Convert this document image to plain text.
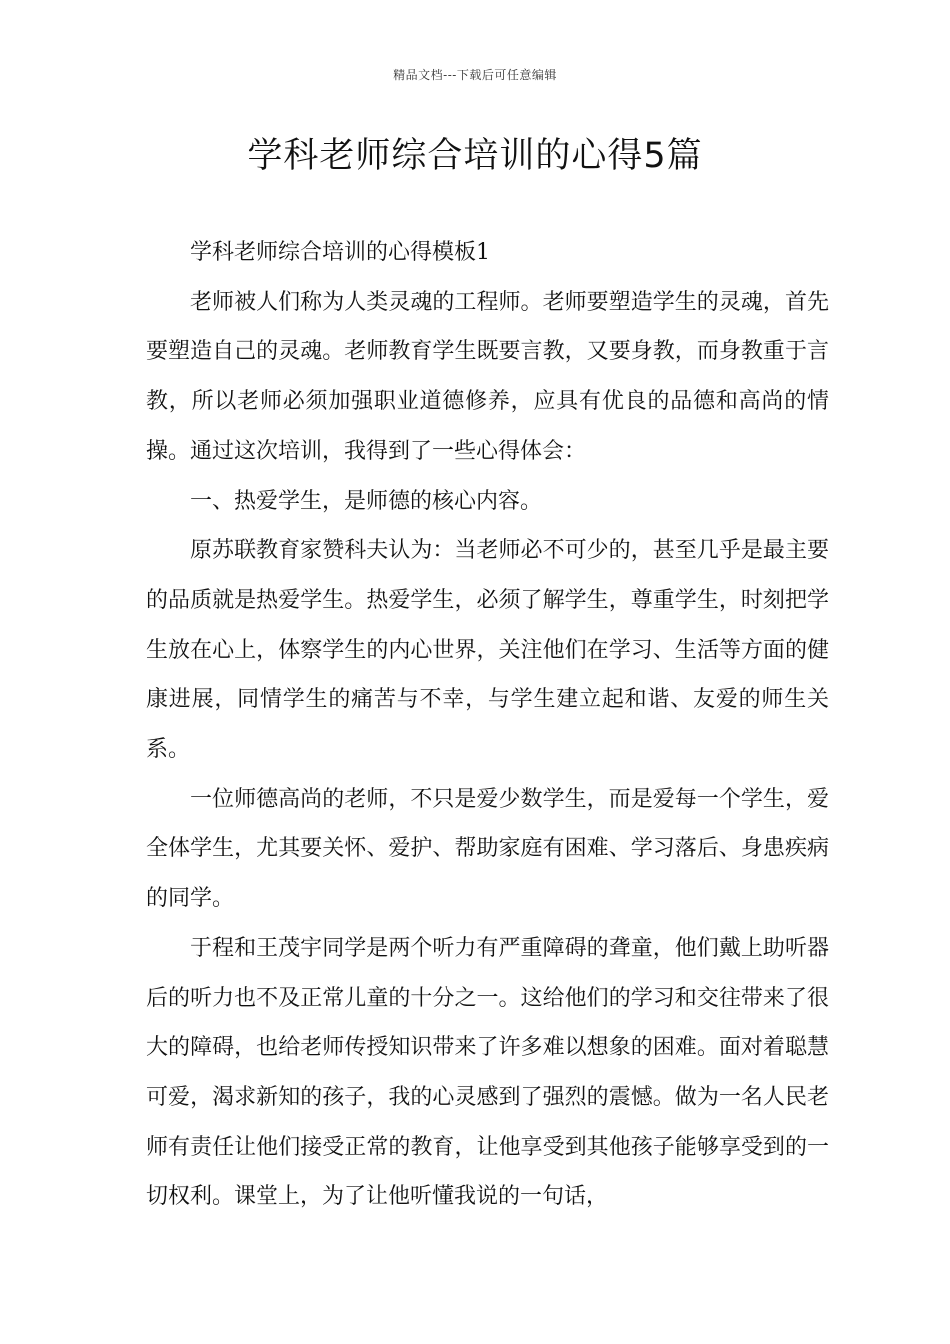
精品文档---下载后可任意编辑
学科老师综合培训的心得5篇

学科老师综合培训的心得模板1

老师被人们称为人类灵魂的工程师。老师要塑造学生的灵魂，首先要塑造自己的灵魂。老师教育学生既要言教，又要身教，而身教重于言教，所以老师必须加强职业道德修养，应具有优良的品德和高尚的情操。通过这次培训，我得到了一些心得体会：

一、热爱学生，是师德的核心内容。

原苏联教育家赞科夫认为：当老师必不可少的，甚至几乎是最主要的品质就是热爱学生。热爱学生，必须了解学生，尊重学生，时刻把学生放在心上，体察学生的内心世界，关注他们在学习、生活等方面的健康进展，同情学生的痛苦与不幸，与学生建立起和谐、友爱的师生关系。

一位师德高尚的老师，不只是爱少数学生，而是爱每一个学生，爱全体学生，尤其要关怀、爱护、帮助家庭有困难、学习落后、身患疾病的同学。

于程和王茂宇同学是两个听力有严重障碍的聋童，他们戴上助听器后的听力也不及正常儿童的十分之一。这给他们的学习和交往带来了很大的障碍，也给老师传授知识带来了许多难以想象的困难。面对着聪慧可爱，渴求新知的孩子，我的心灵感到了强烈的震憾。做为一名人民老师有责任让他们接受正常的教育，让他享受到其他孩子能够享受到的一切权利。课堂上，为了让他听懂我说的一句话，
